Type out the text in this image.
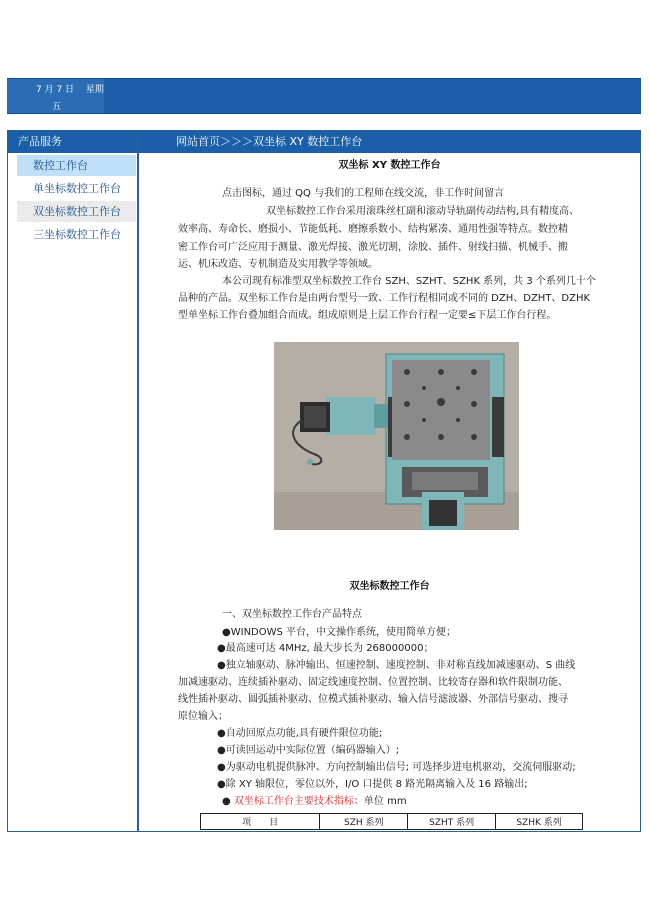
7 月 7 日 　星期
五
产品服务	网站首页＞＞＞双坐标 XY 数控工作台
数控工作台
单坐标数控工作台
双坐标数控工作台
三坐标数控工作台
双坐标 XY 数控工作台
点击图标，通过 QQ 与我们的工程师在线交流，非工作时间留言
双坐标数控工作台采用滚珠丝杠副和滚动导轨副传动结构,具有精度高、
效率高、寿命长、磨损小、节能低耗、磨擦系数小、结构紧凑、通用性强等特点。数控精
密工作台可广泛应用于测量、激光焊接、激光切割，涂胶、插件、射线扫描、机械手、搬
运、机床改造、专机制造及实用教学等领域。
本公司现有标准型双坐标数控工作台 SZH、SZHT、SZHK 系列，共 3 个系列几十个
品种的产品。双坐标工作台是由两台型号一致、工作行程相同或不同的 DZH、DZHT、DZHK
型单坐标工作台叠加组合而成。组成原则是上层工作台行程一定要≤下层工作台行程。
双坐标数控工作台
一、双坐标数控工作台产品特点
●WINDOWS 平台，中文操作系统，使用简单方便；
●最高速可达 4MHz, 最大步长为 268000000；
●独立轴驱动、脉冲输出、恒速控制、速度控制、非对称直线加减速驱动、S 曲线
加减速驱动、连续插补驱动、固定线速度控制、位置控制、比较寄存器和软件限制功能、
线性插补驱动、圆弧插补驱动、位模式插补驱动、输入信号滤波器、外部信号驱动、搜寻
原位输入；
●自动回原点功能,具有硬件限位功能;
●可读回运动中实际位置（编码器输入）;
●为驱动电机提供脉冲、方向控制输出信号; 可选择步进电机驱动，交流伺服驱动;
●除 XY 轴限位，零位以外，I/O 口提供 8 路光隔离输入及 16 路输出;
● 双坐标工作台主要技术指标：单位 mm
项　　目	SZH 系列	SZHT 系列	SZHK 系列
